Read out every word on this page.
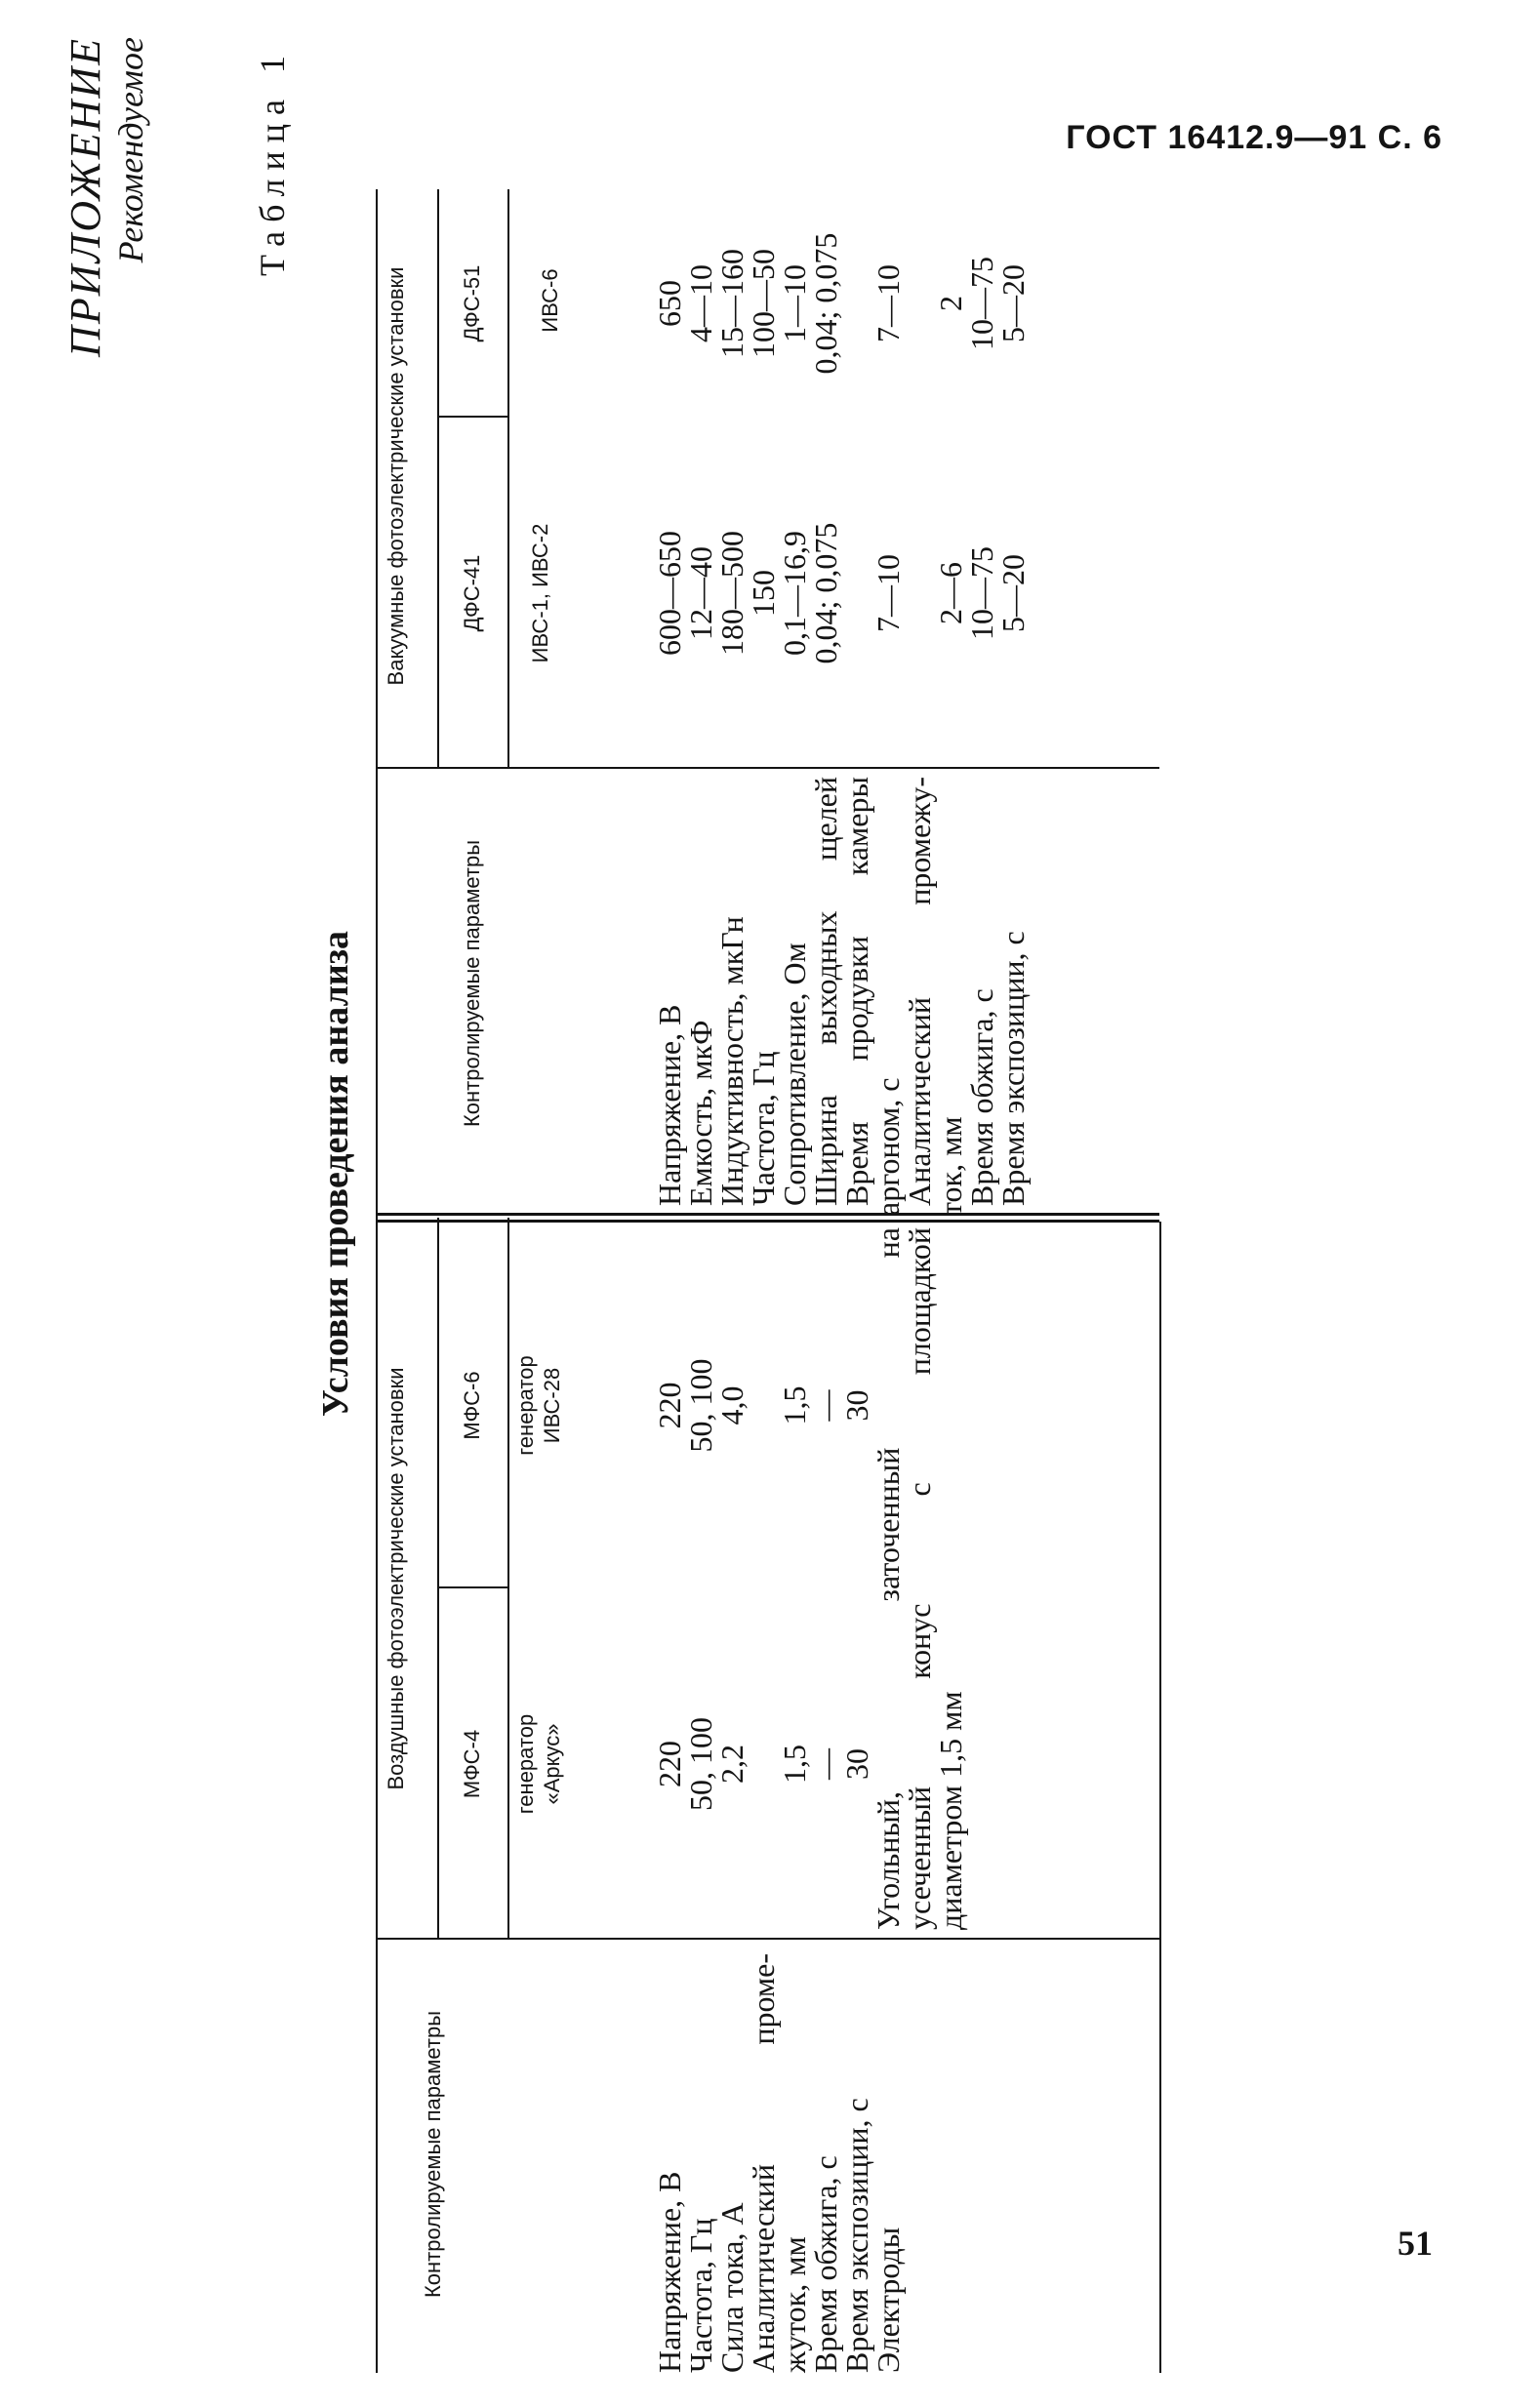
ГОСТ 16412.9—91 С. 6
51
ПРИЛОЖЕНИЕ Рекомендуемое	Таблица 1
Условия проведения анализа
Контролируемые параметры
Воздушные фотоэлектрические установки МФС-4
МФС-6
генератор «Аркус»
генератор ИВС-28
Контролируемые параметры
Вакуумные фотоэлектрические установки ДФС-41
ДФС-51
ИВС-1, ИВС-2
ИВС-6
Напряжение, В
Частота, Гц
Сила тока, А
Аналитический проме-
жуток, мм
Время обжига, с
Время экспозиции, с
Электроды
220
50, 100
2,2 1,5
—
30
220
50, 100
4,0 1,5
—
30
Угольный, заточенный на
усеченный конус с площадкой
диаметром 1,5 мм
Напряжение, В
Емкость, мкФ
Индуктивность, мкГн
Частота, Гц
Сопротивление, Ом
Ширина выходных щелей
Время продувки камеры
аргоном, с
Аналитический промежу-
ток, мм
Время обжига, с
Время экспозиции, с
600—650
12—40
180—500
150
0,1—16,9
0,04; 0,075 7—10 2—6
10—75
5—20
650
4—10
15—160
100—50
1—10
0,04; 0,075 7—10 2
10—75
5—20
